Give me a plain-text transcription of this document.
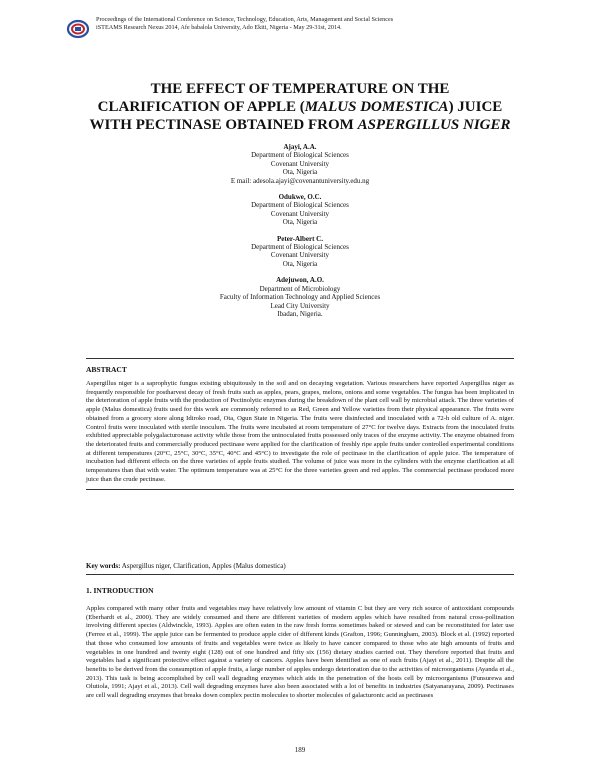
Proceedings of the International Conference on Science, Technology, Education, Arts, Management and Social Sciences
iSTEAMS Research Nexus 2014, Afe babalola University, Ado Ekiti, Nigeria - May 29-31st, 2014.
THE EFFECT OF TEMPERATURE ON THE
CLARIFICATION OF APPLE (MALUS DOMESTICA) JUICE
WITH PECTINASE OBTAINED FROM ASPERGILLUS NIGER
Ajayi, A.A.
Department of Biological Sciences
Covenant University
Ota, Nigeria
E mail: adesola.ajayi@covenantuniversity.edu.ng
Odukwe, O.C.
Department of Biological Sciences
Covenant University
Ota, Nigeria
Peter-Albert C.
Department of Biological Sciences
Covenant University
Ota, Nigeria
Adejuwon, A.O.
Department of Microbiology
Faculty of Information Technology and Applied Sciences
Lead City University
Ibadan, Nigeria.
ABSTRACT
Aspergillus niger is a saprophytic fungus existing ubiquitously in the soil and on decaying vegetation. Various researchers have reported Aspergillus niger as frequently responsible for postharvest decay of fresh fruits such as apples, pears, grapes, melons, onions and some vegetables. The fungus has been implicated in the deterioration of apple fruits with the production of Pectinolytic enzymes during the breakdown of the plant cell wall by microbial attack. The three varieties of apple (Malus domestica) fruits used for this work are commonly referred to as Red, Green and Yellow varieties from their physical appearance. The fruits were obtained from a grocery store along Idiroko road, Ota, Ogun State in Nigeria. The fruits were disinfected and inoculated with a 72-h old culture of A. niger. Control fruits were inoculated with sterile inoculum. The fruits were incubated at room temperature of 27°C for twelve days. Extracts from the inoculated fruits exhibited appreciable polygalacturonase activity while those from the uninoculated fruits possessed only traces of the enzyme activity. The enzyme obtained from the deteriorated fruits and commercially produced pectinase were applied for the clarification of freshly ripe apple fruits under controlled experimental conditions at different temperatures (20°C, 25°C, 30°C, 35°C, 40°C and 45°C) to investigate the role of pectinase in the clarification of apple juice. The temperature of incubation had different effects on the three varieties of apple fruits studied. The volume of juice was more in the cylinders with the enzyme clarification at all temperatures than that with water. The optimum temperature was at 25°C for the three varieties green and red apples. The commercial pectinase produced more juice than the crude pectinase.
Key words: Aspergillus niger, Clarification, Apples (Malus domestica)
1. INTRODUCTION
Apples compared with many other fruits and vegetables may have relatively low amount of vitamin C but they are very rich source of antioxidant compounds (Eberhardt et al., 2000). They are widely consumed and there are different varieties of modern apples which have resulted from natural cross-pollination involving different species (Aldwinckle, 1993). Apples are often eaten in the raw fresh forms sometimes baked or stewed and can be reconstituted for later use (Ferree et al., 1999). The apple juice can be fermented to produce apple cider of different kinds (Grafton, 1996; Gunningham, 2003). Block et al. (1992) reported that those who consumed low amounts of fruits and vegetables were twice as likely to have cancer compared to those who ate high amounts of fruits and vegetables in one hundred and twenty eight (128) out of one hundred and fifty six (156) dietary studies carried out. They therefore reported that fruits and vegetables had a significant protective effect against a variety of cancers. Apples have been identified as one of such fruits (Ajayi et al., 2011). Despite all the benefits to be derived from the consumption of apple fruits, a large number of apples undergo deterioration due to the activities of microorganisms (Ayanda et al., 2013). This task is being accomplished by cell wall degrading enzymes which aids in the penetration of the hosts cell by microorganisms (Funsurewa and Olutiola, 1991; Ajayi et al., 2013). Cell wall degrading enzymes have also been associated with a lot of benefits in industries (Satyanarayana, 2009). Pectinases are cell wall degrading enzymes that breaks down complex pectin molecules to shorter molecules of galacturonic acid as pectinases
189
